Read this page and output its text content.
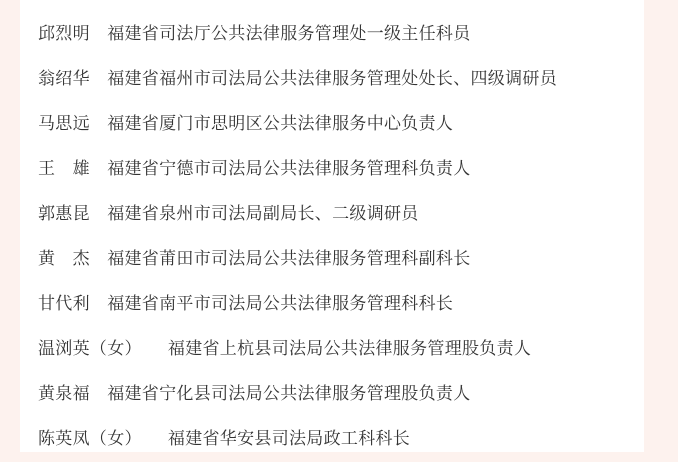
邱烈明　福建省司法厅公共法律服务管理处一级主任科员
翁绍华　福建省福州市司法局公共法律服务管理处处长、四级调研员
马思远　福建省厦门市思明区公共法律服务中心负责人
王　雄　福建省宁德市司法局公共法律服务管理科负责人
郭惠昆　福建省泉州市司法局副局长、二级调研员
黄　杰　福建省莆田市司法局公共法律服务管理科副科长
甘代利　福建省南平市司法局公共法律服务管理科科长
温浏英（女）　　福建省上杭县司法局公共法律服务管理股负责人
黄泉福　福建省宁化县司法局公共法律服务管理股负责人
陈英凤（女）　　福建省华安县司法局政工科科长
